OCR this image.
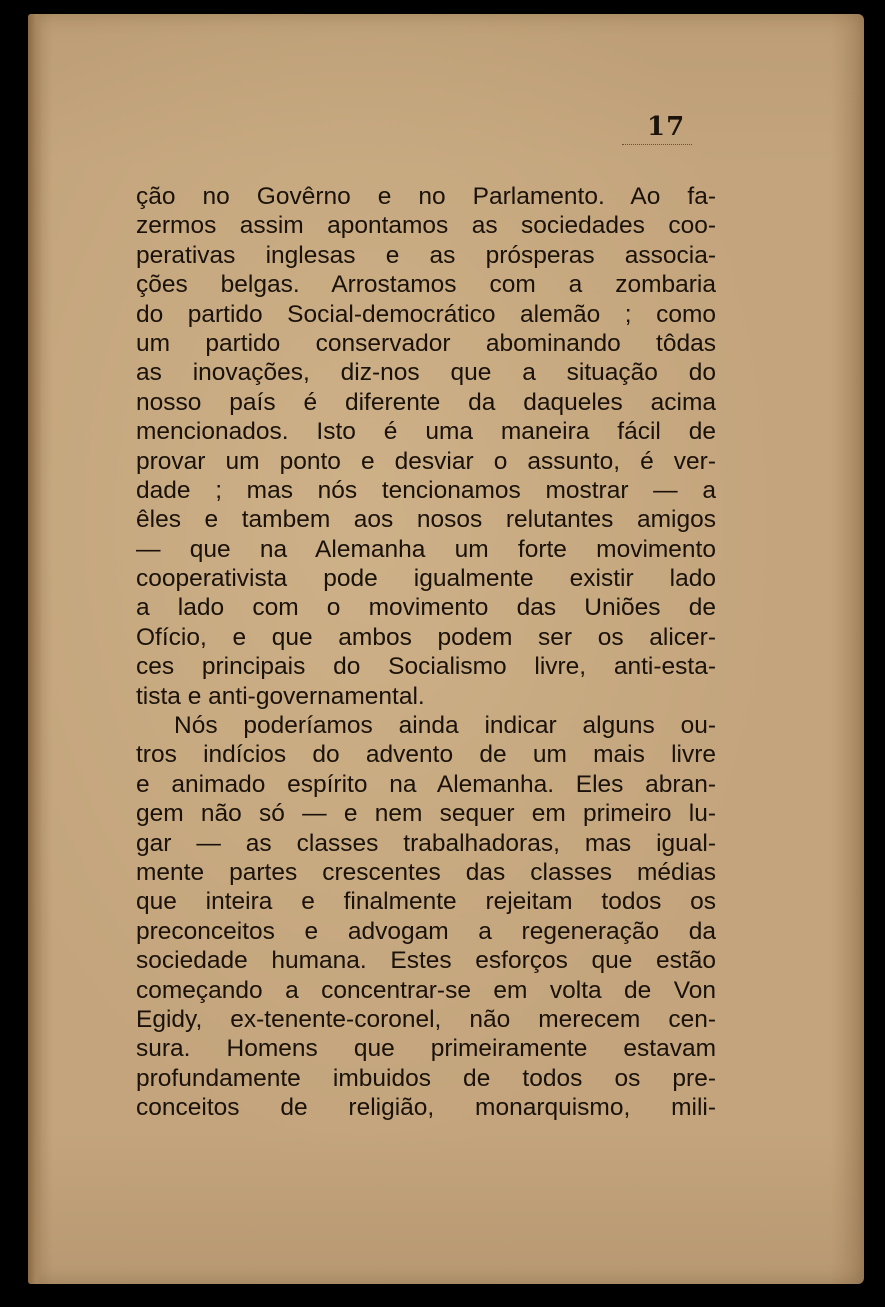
17
ção no Govêrno e no Parlamento. Ao fa-
zermos assim apontamos as sociedades coo-
perativas inglesas e as prósperas associa-
ções belgas. Arrostamos com a zombaria
do partido Social-democrático alemão ; como
um partido conservador abominando tôdas
as inovações, diz-nos que a situação do
nosso país é diferente da daqueles acima
mencionados. Isto é uma maneira fácil de
provar um ponto e desviar o assunto, é ver-
dade ; mas nós tencionamos mostrar — a
êles e tambem aos nosos relutantes amigos
— que na Alemanha um forte movimento
cooperativista pode igualmente existir lado
a lado com o movimento das Uniões de
Ofício, e que ambos podem ser os alicer-
ces principais do Socialismo livre, anti-esta-
tista e anti-governamental.
Nós poderíamos ainda indicar alguns ou-
tros indícios do advento de um mais livre
e animado espírito na Alemanha. Eles abran-
gem não só — e nem sequer em primeiro lu-
gar — as classes trabalhadoras, mas igual-
mente partes crescentes das classes médias
que inteira e finalmente rejeitam todos os
preconceitos e advogam a regeneração da
sociedade humana. Estes esforços que estão
começando a concentrar-se em volta de Von
Egidy, ex-tenente-coronel, não merecem cen-
sura. Homens que primeiramente estavam
profundamente imbuidos de todos os pre-
conceitos de religião, monarquismo, mili-
